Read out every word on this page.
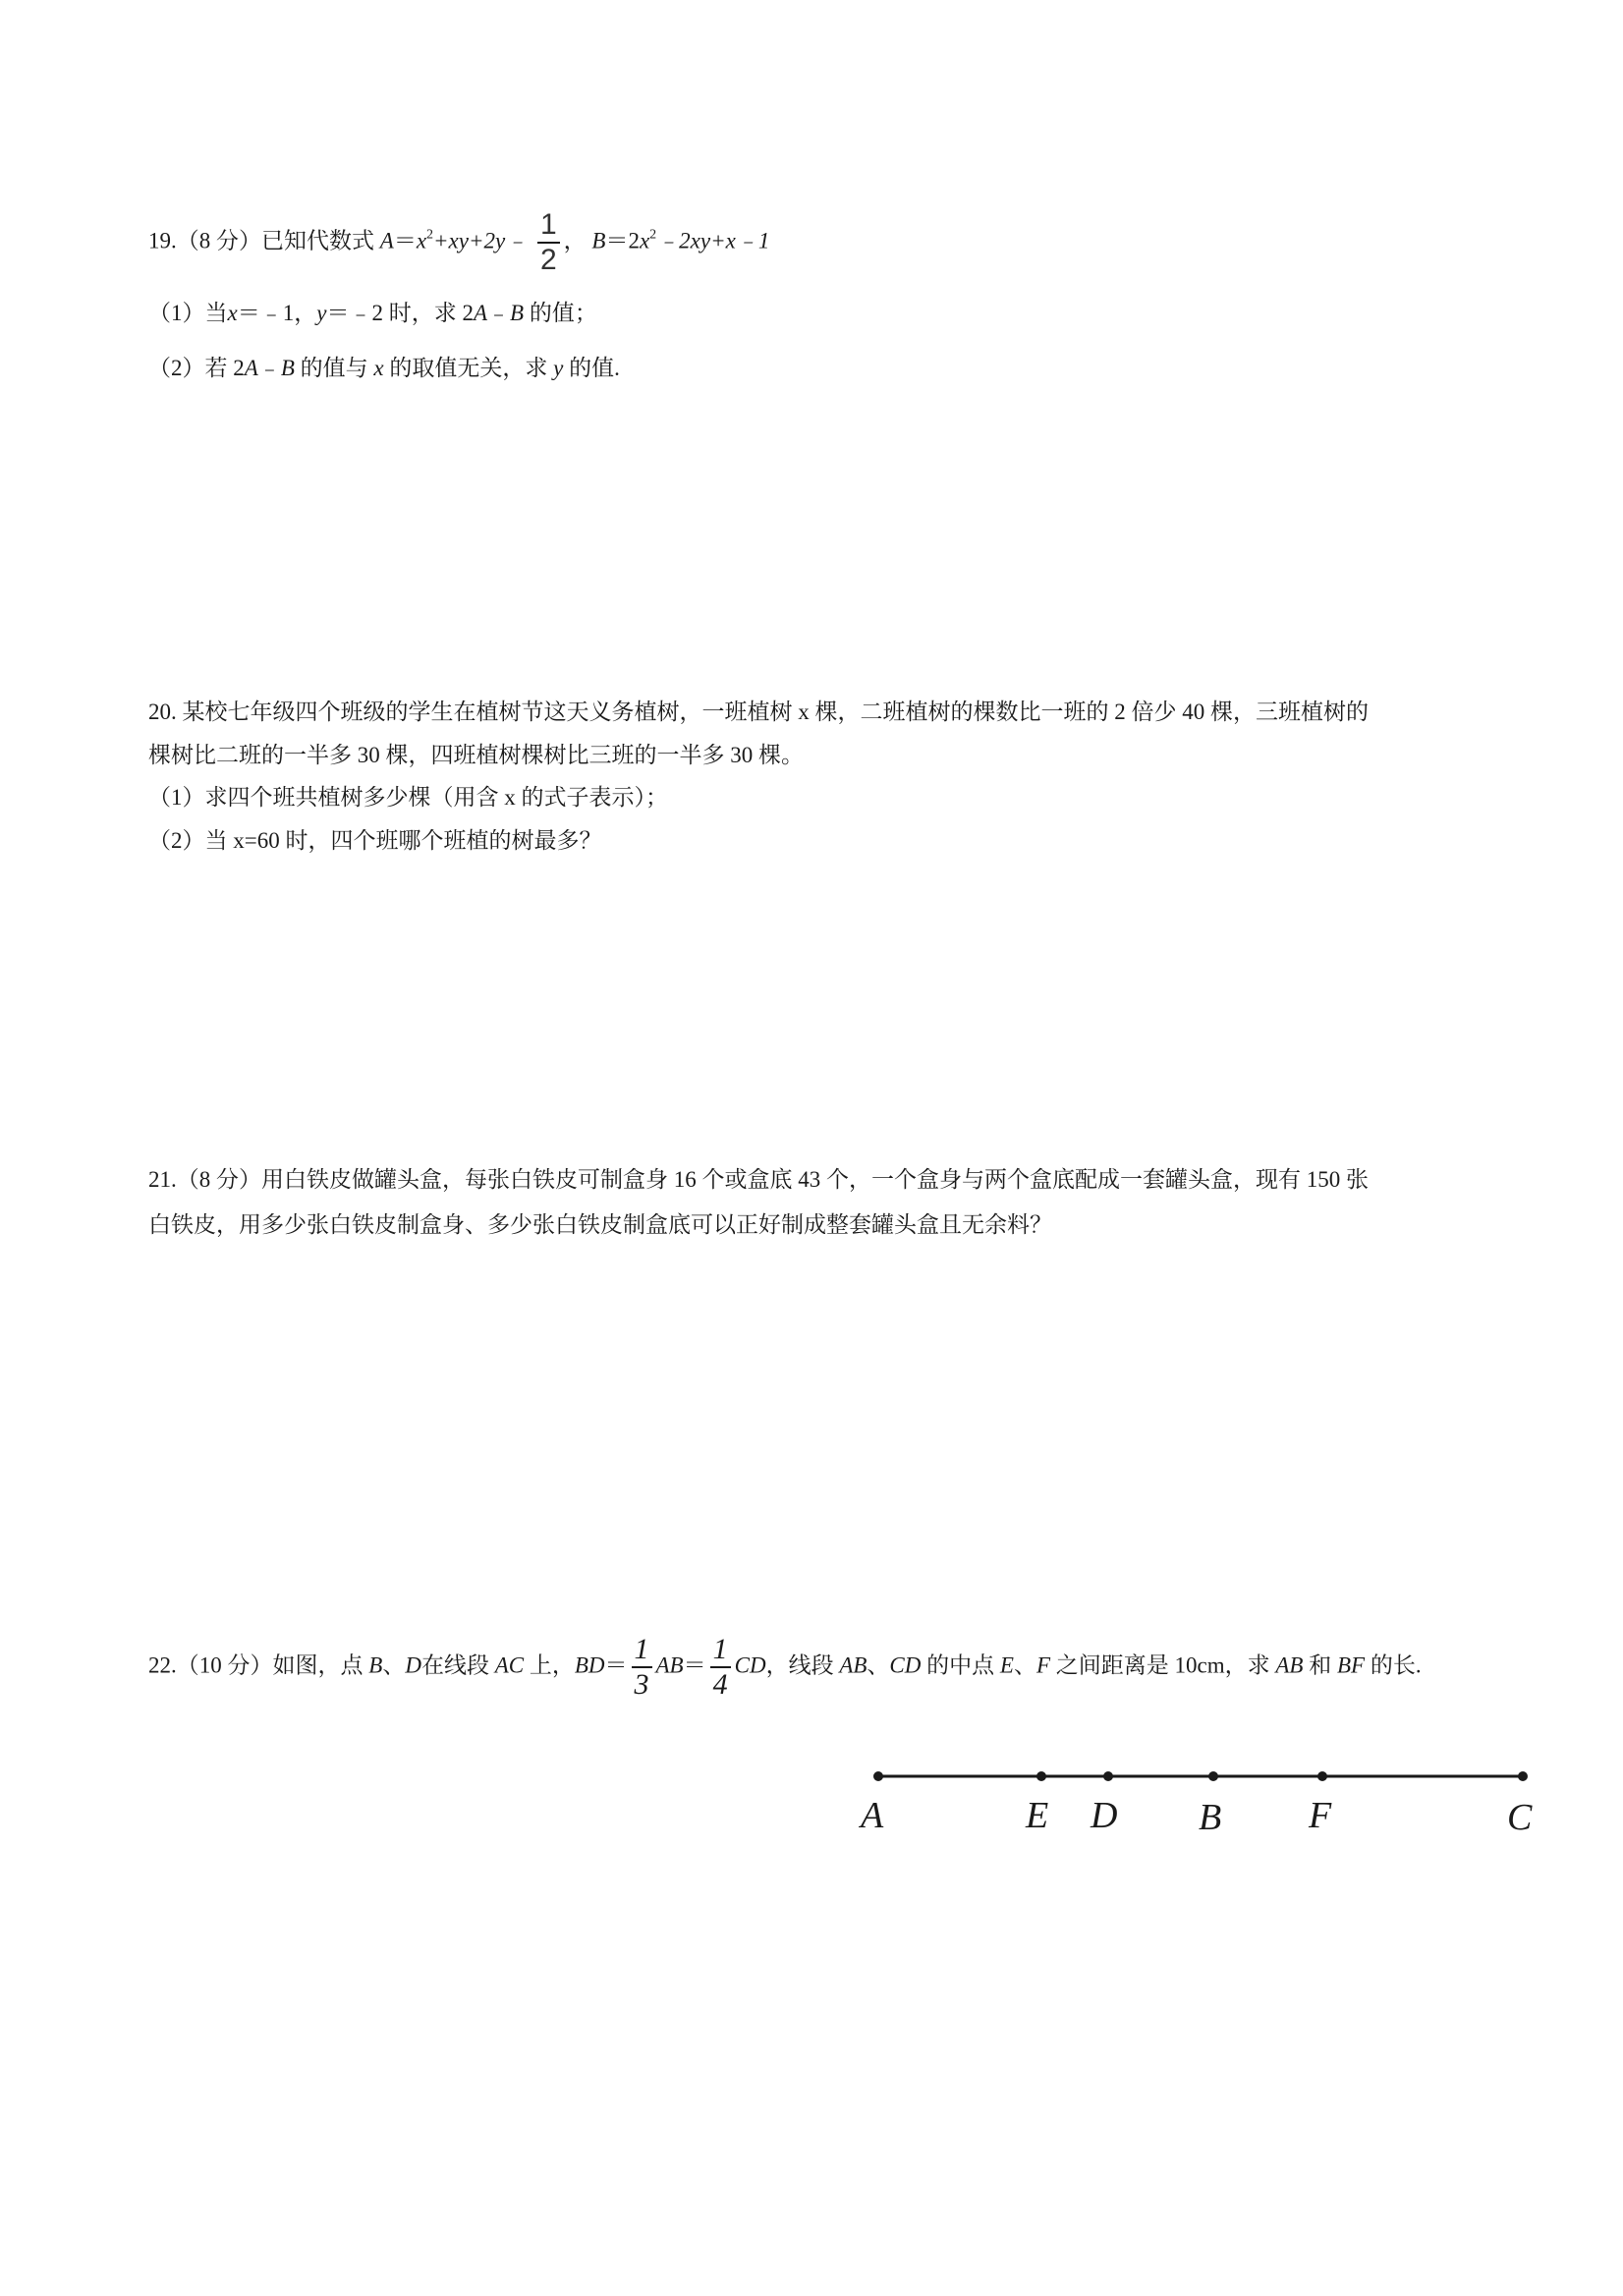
19.（8 分）已知代数式 $A=x^2+xy+2y﹣ \frac{1}{2}$ ， $B=2x^2﹣2xy+x﹣1$
（1）当x＝﹣1，y＝﹣2 时，求 2A﹣B 的值；
（2）若 2A﹣B 的值与 x 的取值无关，求 y 的值.
20. 某校七年级四个班级的学生在植树节这天义务植树，一班植树 x 棵，二班植树的棵数比一班的 2 倍少 40 棵，三班植树的
棵树比二班的一半多 30 棵，四班植树棵树比三班的一半多 30 棵。
（1）求四个班共植树多少棵（用含 x 的式子表示）；
（2）当 x=60 时，四个班哪个班植的树最多？
21.（8 分）用白铁皮做罐头盒，每张白铁皮可制盒身 16 个或盒底 43 个，一个盒身与两个盒底配成一套罐头盒，现有 150 张
白铁皮，用多少张白铁皮制盒身、多少张白铁皮制盒底可以正好制成整套罐头盒且无余料？
22.（10 分）如图，点 B、D在线段 AC 上，$BD= \frac{1}{3} AB= \frac{1}{4}$ CD，线段 AB、CD 的中点 E、F 之间距离是 10cm，求 AB 和 BF 的长.
A	E D B F	C
